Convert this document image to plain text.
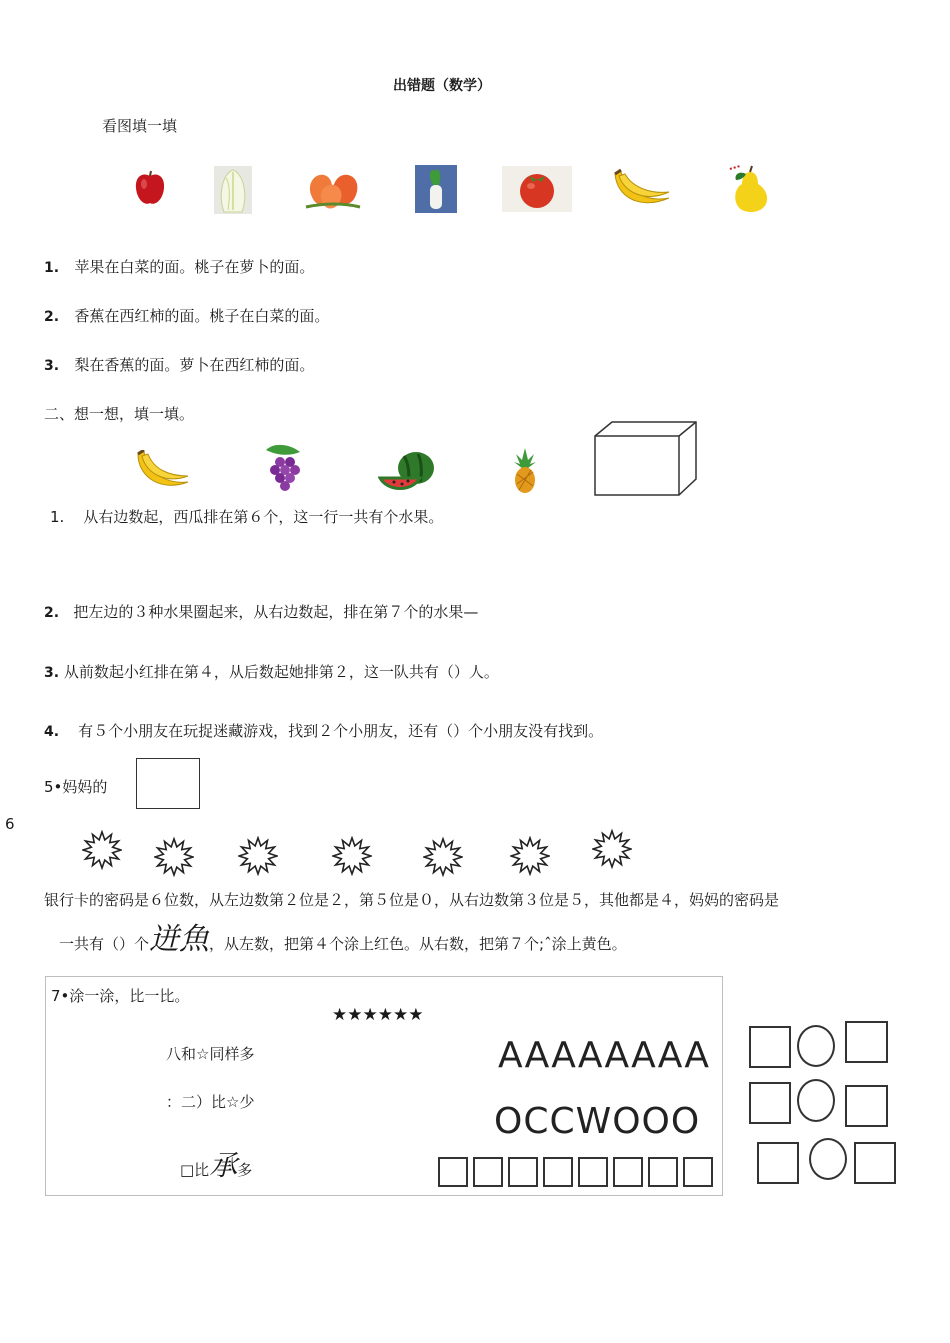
出错题（数学）
看图填一填
1. 苹果在白菜的面。桃子在萝卜的面。
2. 香蕉在西红柿的面。桃子在白菜的面。
3. 梨在香蕉的面。萝卜在西红柿的面。
二、想一想，填一填。
1. 从右边数起，西瓜排在第６个，这一行一共有个水果。
2. 把左边的３种水果圈起来，从右边数起，排在第７个的水果—
3. 从前数起小红排在第４，从后数起她排第２，这一队共有（）人。
4. 有５个小朋友在玩捉迷藏游戏，找到２个小朋友，还有（）个小朋友没有找到。
5•妈妈的
6
银行卡的密码是６位数，从左边数第２位是２，第５位是０，从右边数第３位是５，其他都是４，妈妈的密码是
一共有（）个迸魚，从左数，把第４个涂上红色。从右数，把第７个;ˆ涂上黄色。
7•涂一涂，比一比。
★★★★★★
八和☆同样多
：二）比☆少
□比承多
AAAAAAAA
OCCWOOO
